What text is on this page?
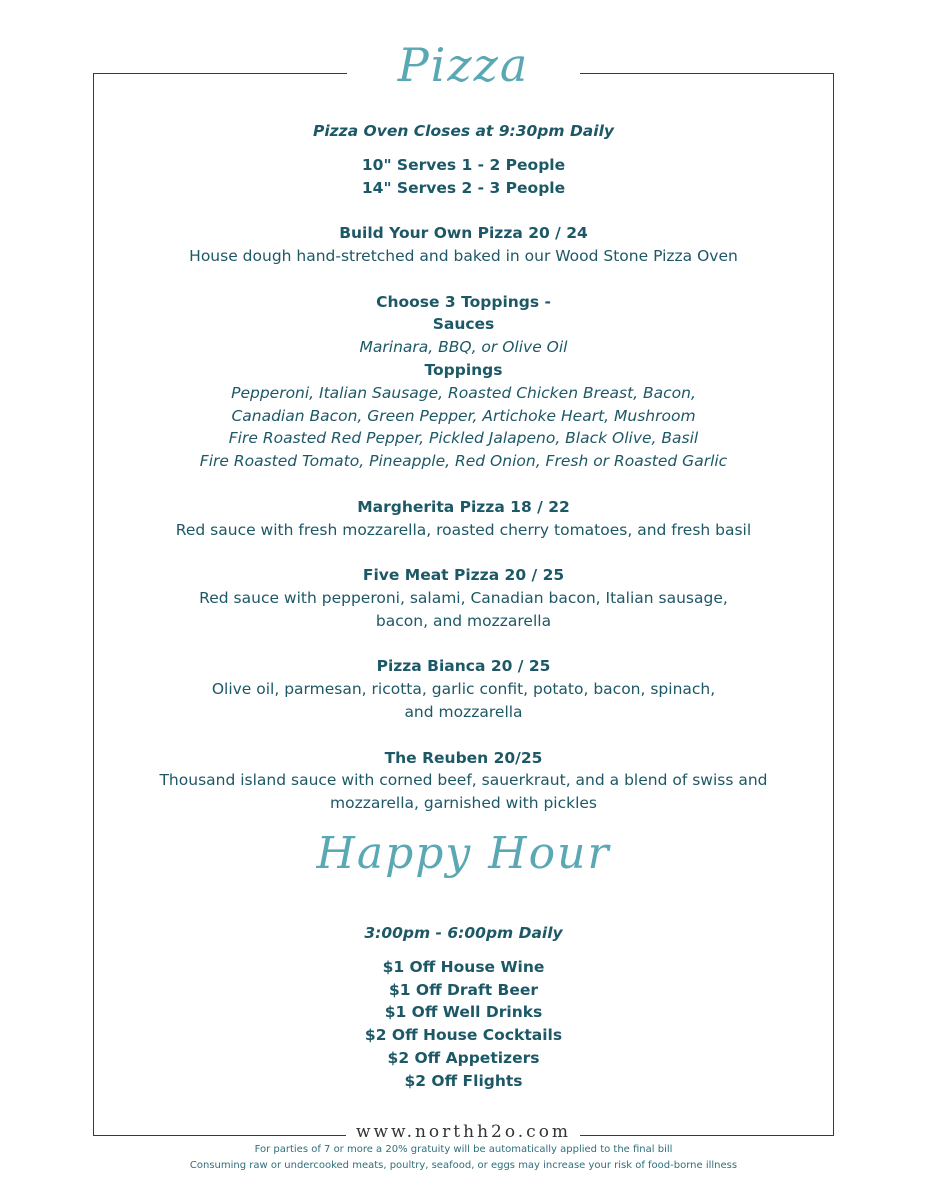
Pizza
Pizza Oven Closes at 9:30pm Daily
10" Serves 1 - 2 People
14" Serves 2 - 3 People
Build Your Own Pizza 20 / 24
House dough hand-stretched and baked in our Wood Stone Pizza Oven
Choose 3 Toppings -
Sauces
Marinara, BBQ, or Olive Oil
Toppings
Pepperoni, Italian Sausage, Roasted Chicken Breast, Bacon,
Canadian Bacon, Green Pepper, Artichoke Heart, Mushroom
Fire Roasted Red Pepper, Pickled Jalapeno, Black Olive, Basil
Fire Roasted Tomato, Pineapple, Red Onion, Fresh or Roasted Garlic
Margherita Pizza 18 / 22
Red sauce with fresh mozzarella, roasted cherry tomatoes, and fresh basil
Five Meat Pizza 20 / 25
Red sauce with pepperoni, salami, Canadian bacon, Italian sausage,
bacon, and mozzarella
Pizza Bianca 20 / 25
Olive oil, parmesan, ricotta, garlic confit, potato, bacon, spinach,
and mozzarella
The Reuben 20/25
Thousand island sauce with corned beef, sauerkraut, and a blend of swiss and
mozzarella, garnished with pickles
Happy Hour
3:00pm - 6:00pm Daily
$1 Off House Wine
$1 Off Draft Beer
$1 Off Well Drinks
$2 Off House Cocktails
$2 Off Appetizers
$2 Off Flights
www.northh2o.com
For parties of 7 or more a 20% gratuity will be automatically applied to the final bill
Consuming raw or undercooked meats, poultry, seafood, or eggs may increase your risk of food-borne illness
